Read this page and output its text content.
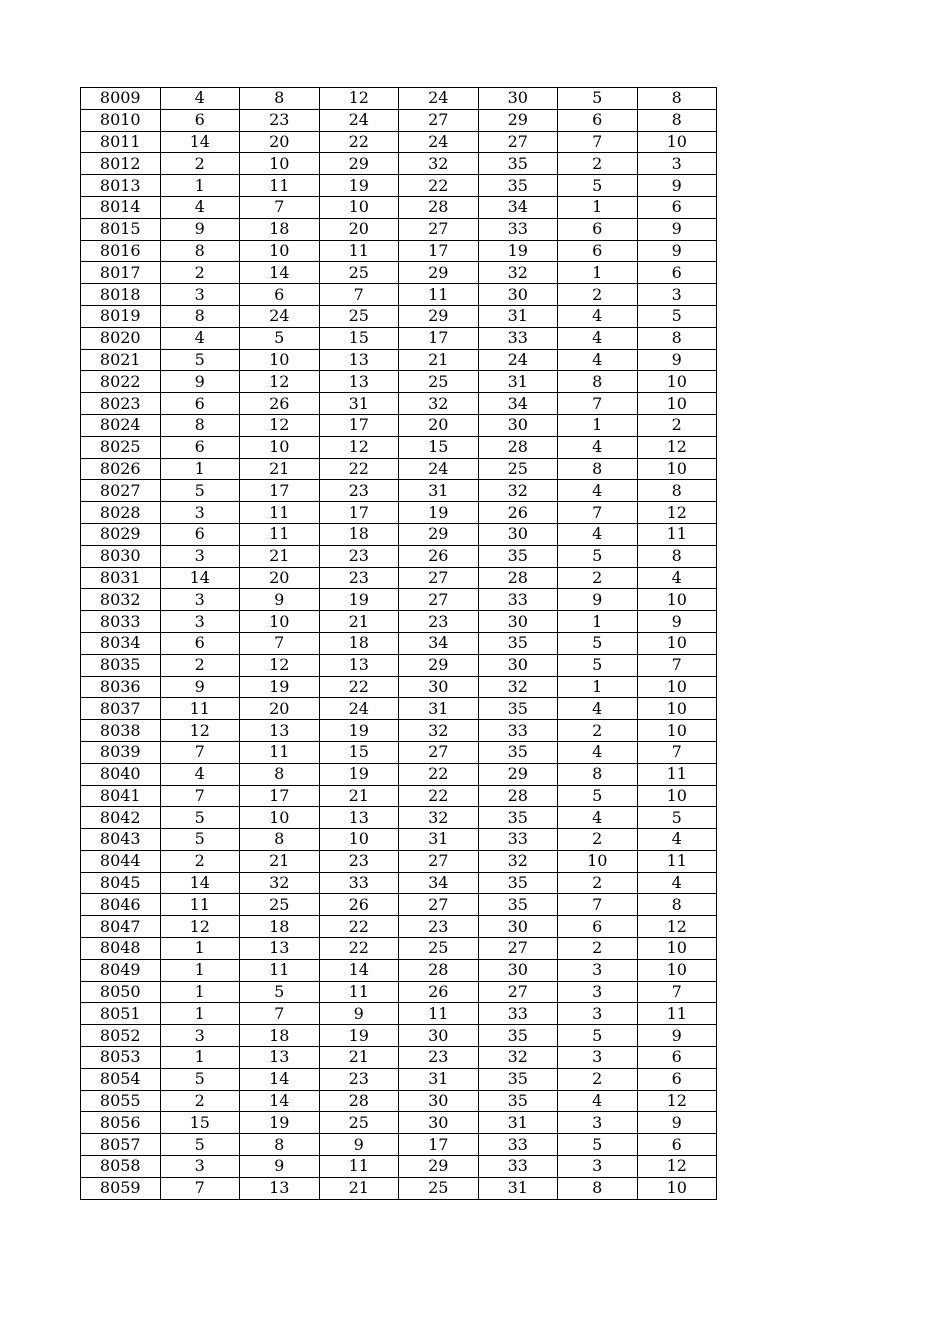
8009	4	8	12	24	30	5	8
8010	6	23	24	27	29	6	8
8011	14	20	22	24	27	7	10
8012	2	10	29	32	35	2	3
8013	1	11	19	22	35	5	9
8014	4	7	10	28	34	1	6
8015	9	18	20	27	33	6	9
8016	8	10	11	17	19	6	9
8017	2	14	25	29	32	1	6
8018	3	6	7	11	30	2	3
8019	8	24	25	29	31	4	5
8020	4	5	15	17	33	4	8
8021	5	10	13	21	24	4	9
8022	9	12	13	25	31	8	10
8023	6	26	31	32	34	7	10
8024	8	12	17	20	30	1	2
8025	6	10	12	15	28	4	12
8026	1	21	22	24	25	8	10
8027	5	17	23	31	32	4	8
8028	3	11	17	19	26	7	12
8029	6	11	18	29	30	4	11
8030	3	21	23	26	35	5	8
8031	14	20	23	27	28	2	4
8032	3	9	19	27	33	9	10
8033	3	10	21	23	30	1	9
8034	6	7	18	34	35	5	10
8035	2	12	13	29	30	5	7
8036	9	19	22	30	32	1	10
8037	11	20	24	31	35	4	10
8038	12	13	19	32	33	2	10
8039	7	11	15	27	35	4	7
8040	4	8	19	22	29	8	11
8041	7	17	21	22	28	5	10
8042	5	10	13	32	35	4	5
8043	5	8	10	31	33	2	4
8044	2	21	23	27	32	10	11
8045	14	32	33	34	35	2	4
8046	11	25	26	27	35	7	8
8047	12	18	22	23	30	6	12
8048	1	13	22	25	27	2	10
8049	1	11	14	28	30	3	10
8050	1	5	11	26	27	3	7
8051	1	7	9	11	33	3	11
8052	3	18	19	30	35	5	9
8053	1	13	21	23	32	3	6
8054	5	14	23	31	35	2	6
8055	2	14	28	30	35	4	12
8056	15	19	25	30	31	3	9
8057	5	8	9	17	33	5	6
8058	3	9	11	29	33	3	12
8059	7	13	21	25	31	8	10
